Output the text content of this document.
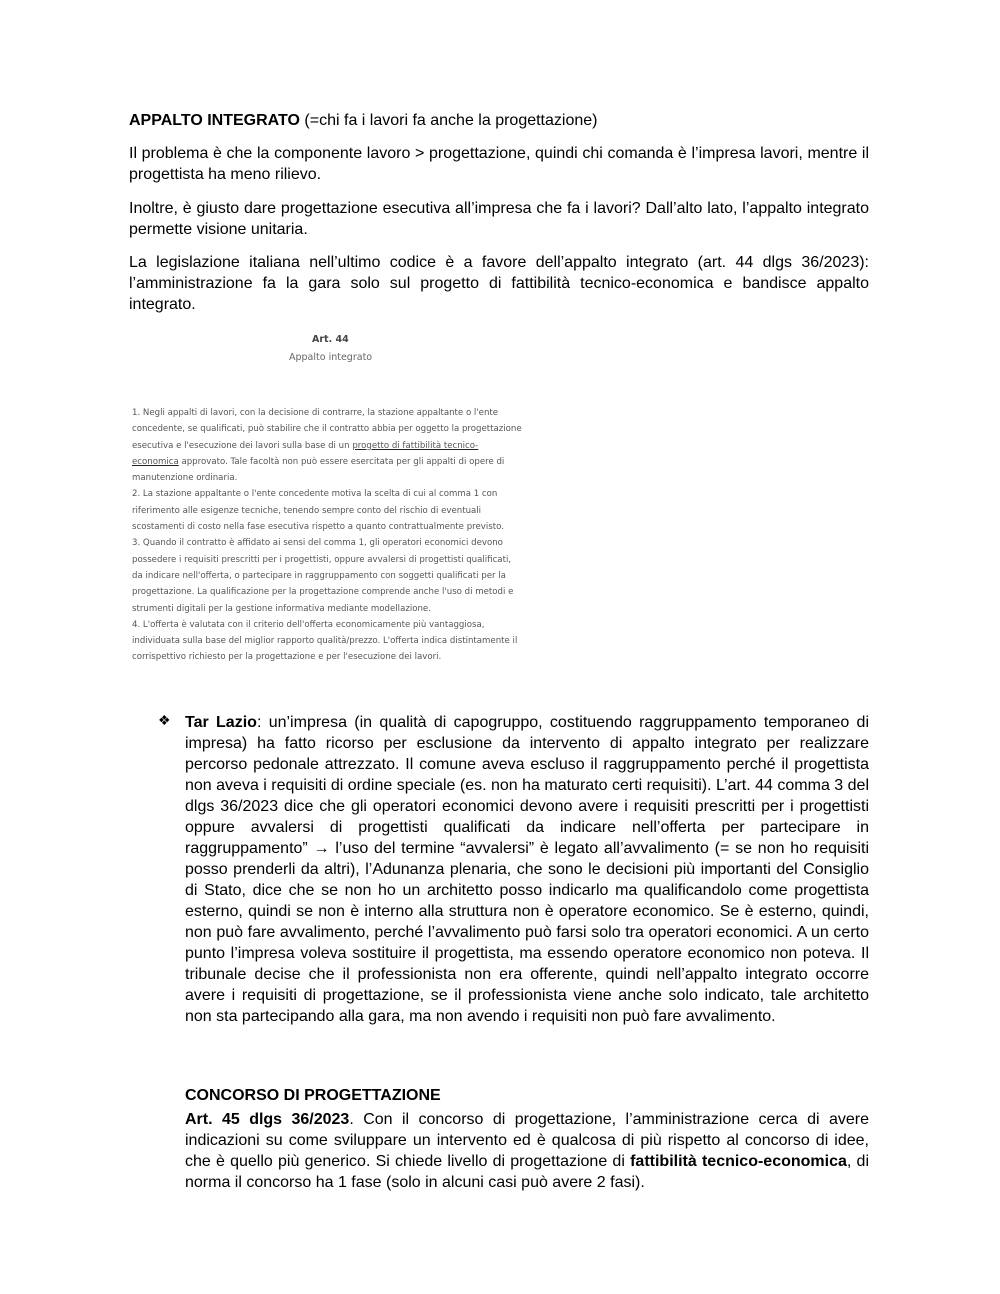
APPALTO INTEGRATO (=chi fa i lavori fa anche la progettazione)

Il problema è che la componente lavoro > progettazione, quindi chi comanda è l’impresa lavori, mentre il progettista ha meno rilievo.

Inoltre, è giusto dare progettazione esecutiva all’impresa che fa i lavori? Dall’alto lato, l’appalto integrato permette visione unitaria.

La legislazione italiana nell’ultimo codice è a favore dell’appalto integrato (art. 44 dlgs 36/2023): l’amministrazione fa la gara solo sul progetto di fattibilità tecnico-economica e bandisce appalto integrato.

Art. 44
Appalto integrato
1. Negli appalti di lavori, con la decisione di contrarre, la stazione appaltante o l'ente concedente, se qualificati, può stabilire che il contratto abbia per oggetto la progettazione esecutiva e l'esecuzione dei lavori sulla base di un progetto di fattibilità tecnico-economica approvato. Tale facoltà non può essere esercitata per gli appalti di opere di manutenzione ordinaria.
2. La stazione appaltante o l'ente concedente motiva la scelta di cui al comma 1 con riferimento alle esigenze tecniche, tenendo sempre conto del rischio di eventuali scostamenti di costo nella fase esecutiva rispetto a quanto contrattualmente previsto.
3. Quando il contratto è affidato ai sensi del comma 1, gli operatori economici devono possedere i requisiti prescritti per i progettisti, oppure avvalersi di progettisti qualificati, da indicare nell'offerta, o partecipare in raggruppamento con soggetti qualificati per la progettazione. La qualificazione per la progettazione comprende anche l'uso di metodi e strumenti digitali per la gestione informativa mediante modellazione.
4. L'offerta è valutata con il criterio dell'offerta economicamente più vantaggiosa, individuata sulla base del miglior rapporto qualità/prezzo. L'offerta indica distintamente il corrispettivo richiesto per la progettazione e per l'esecuzione dei lavori.
❖ Tar Lazio: un’impresa (in qualità di capogruppo, costituendo raggruppamento temporaneo di impresa) ha fatto ricorso per esclusione da intervento di appalto integrato per realizzare percorso pedonale attrezzato. Il comune aveva escluso il raggruppamento perché il progettista non aveva i requisiti di ordine speciale (es. non ha maturato certi requisiti). L’art. 44 comma 3 del dlgs 36/2023 dice che gli operatori economici devono avere i requisiti prescritti per i progettisti oppure avvalersi di progettisti qualificati da indicare nell’offerta per partecipare in raggruppamento” → l’uso del termine “avvalersi” è legato all’avvalimento (= se non ho requisiti posso prenderli da altri), l’Adunanza plenaria, che sono le decisioni più importanti del Consiglio di Stato, dice che se non ho un architetto posso indicarlo ma qualificandolo come progettista esterno, quindi se non è interno alla struttura non è operatore economico. Se è esterno, quindi, non può fare avvalimento, perché l’avvalimento può farsi solo tra operatori economici. A un certo punto l’impresa voleva sostituire il progettista, ma essendo operatore economico non poteva. Il tribunale decise che il professionista non era offerente, quindi nell’appalto integrato occorre avere i requisiti di progettazione, se il professionista viene anche solo indicato, tale architetto non sta partecipando alla gara, ma non avendo i requisiti non può fare avvalimento.

CONCORSO DI PROGETTAZIONE

Art. 45 dlgs 36/2023. Con il concorso di progettazione, l’amministrazione cerca di avere indicazioni su come sviluppare un intervento ed è qualcosa di più rispetto al concorso di idee, che è quello più generico. Si chiede livello di progettazione di fattibilità tecnico-economica, di norma il concorso ha 1 fase (solo in alcuni casi può avere 2 fasi).
